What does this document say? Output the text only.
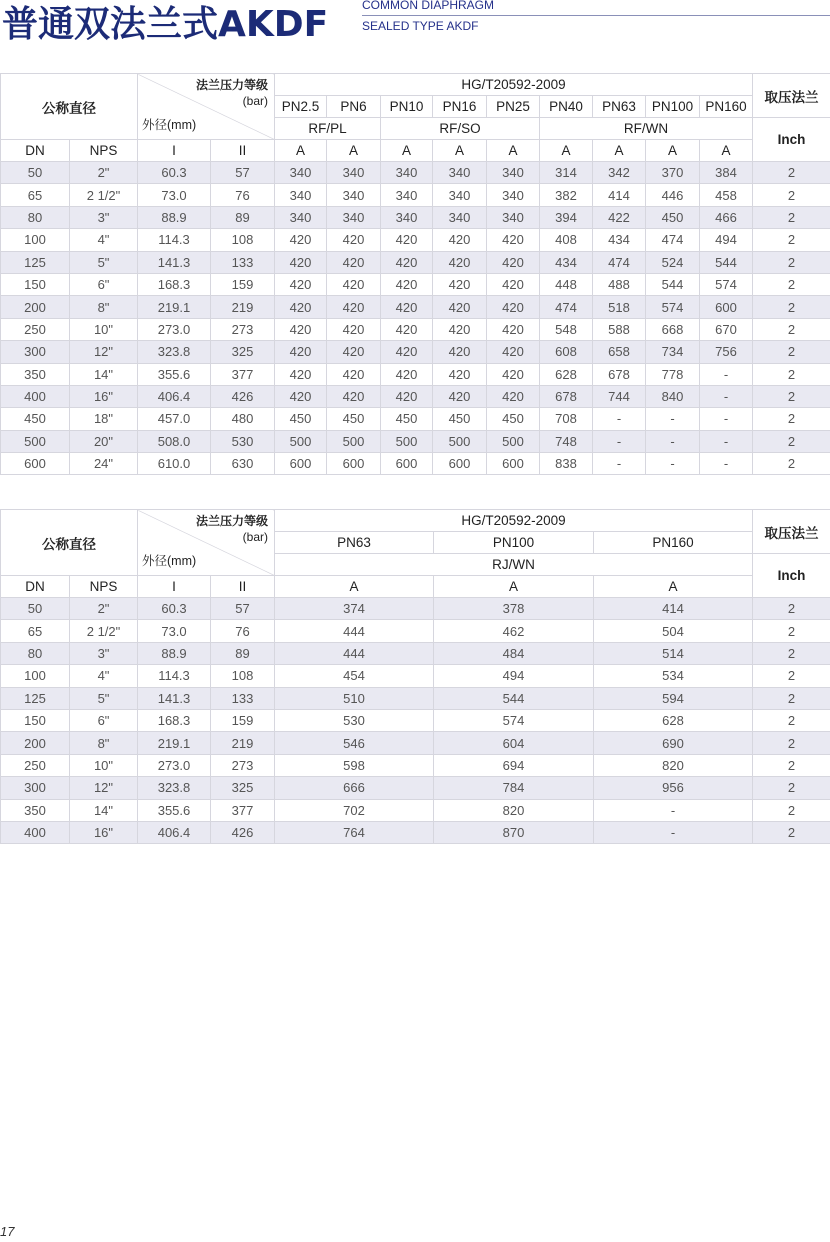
普通双法兰式AKDF	COMMON DIAPHRAGM
SEALED TYPE AKDF
公称直径		法兰压力等级
(bar)
外径(mm)		HG/T20592-2009									取压法兰
				PN2.5	PN6	PN10	PN16	PN25	PN40	PN63	PN100	PN160	
				RF/PL		RF/SO			RF/WN				Inch
DN	NPS	I	II	A	A	A	A	A	A	A	A	A	
50	2"	60.3	57	340	340	340	340	340	314	342	370	384	2
65	2 1/2"	73.0	76	340	340	340	340	340	382	414	446	458	2
80	3"	88.9	89	340	340	340	340	340	394	422	450	466	2
100	4"	114.3	108	420	420	420	420	420	408	434	474	494	2
125	5"	141.3	133	420	420	420	420	420	434	474	524	544	2
150	6"	168.3	159	420	420	420	420	420	448	488	544	574	2
200	8"	219.1	219	420	420	420	420	420	474	518	574	600	2
250	10"	273.0	273	420	420	420	420	420	548	588	668	670	2
300	12"	323.8	325	420	420	420	420	420	608	658	734	756	2
350	14"	355.6	377	420	420	420	420	420	628	678	778	-	2
400	16"	406.4	426	420	420	420	420	420	678	744	840	-	2
450	18"	457.0	480	450	450	450	450	450	708	-	-	-	2
500	20"	508.0	530	500	500	500	500	500	748	-	-	-	2
600	24"	610.0	630	600	600	600	600	600	838	-	-	-	2
公称直径		法兰压力等级
(bar)
外径(mm)		HG/T20592-2009			取压法兰
				PN63	PN100	PN160	
				RJ/WN			Inch
DN	NPS	I	II	A	A	A	
50	2"	60.3	57	374	378	414	2
65	2 1/2"	73.0	76	444	462	504	2
80	3"	88.9	89	444	484	514	2
100	4"	114.3	108	454	494	534	2
125	5"	141.3	133	510	544	594	2
150	6"	168.3	159	530	574	628	2
200	8"	219.1	219	546	604	690	2
250	10"	273.0	273	598	694	820	2
300	12"	323.8	325	666	784	956	2
350	14"	355.6	377	702	820	-	2
400	16"	406.4	426	764	870	-	2
17
